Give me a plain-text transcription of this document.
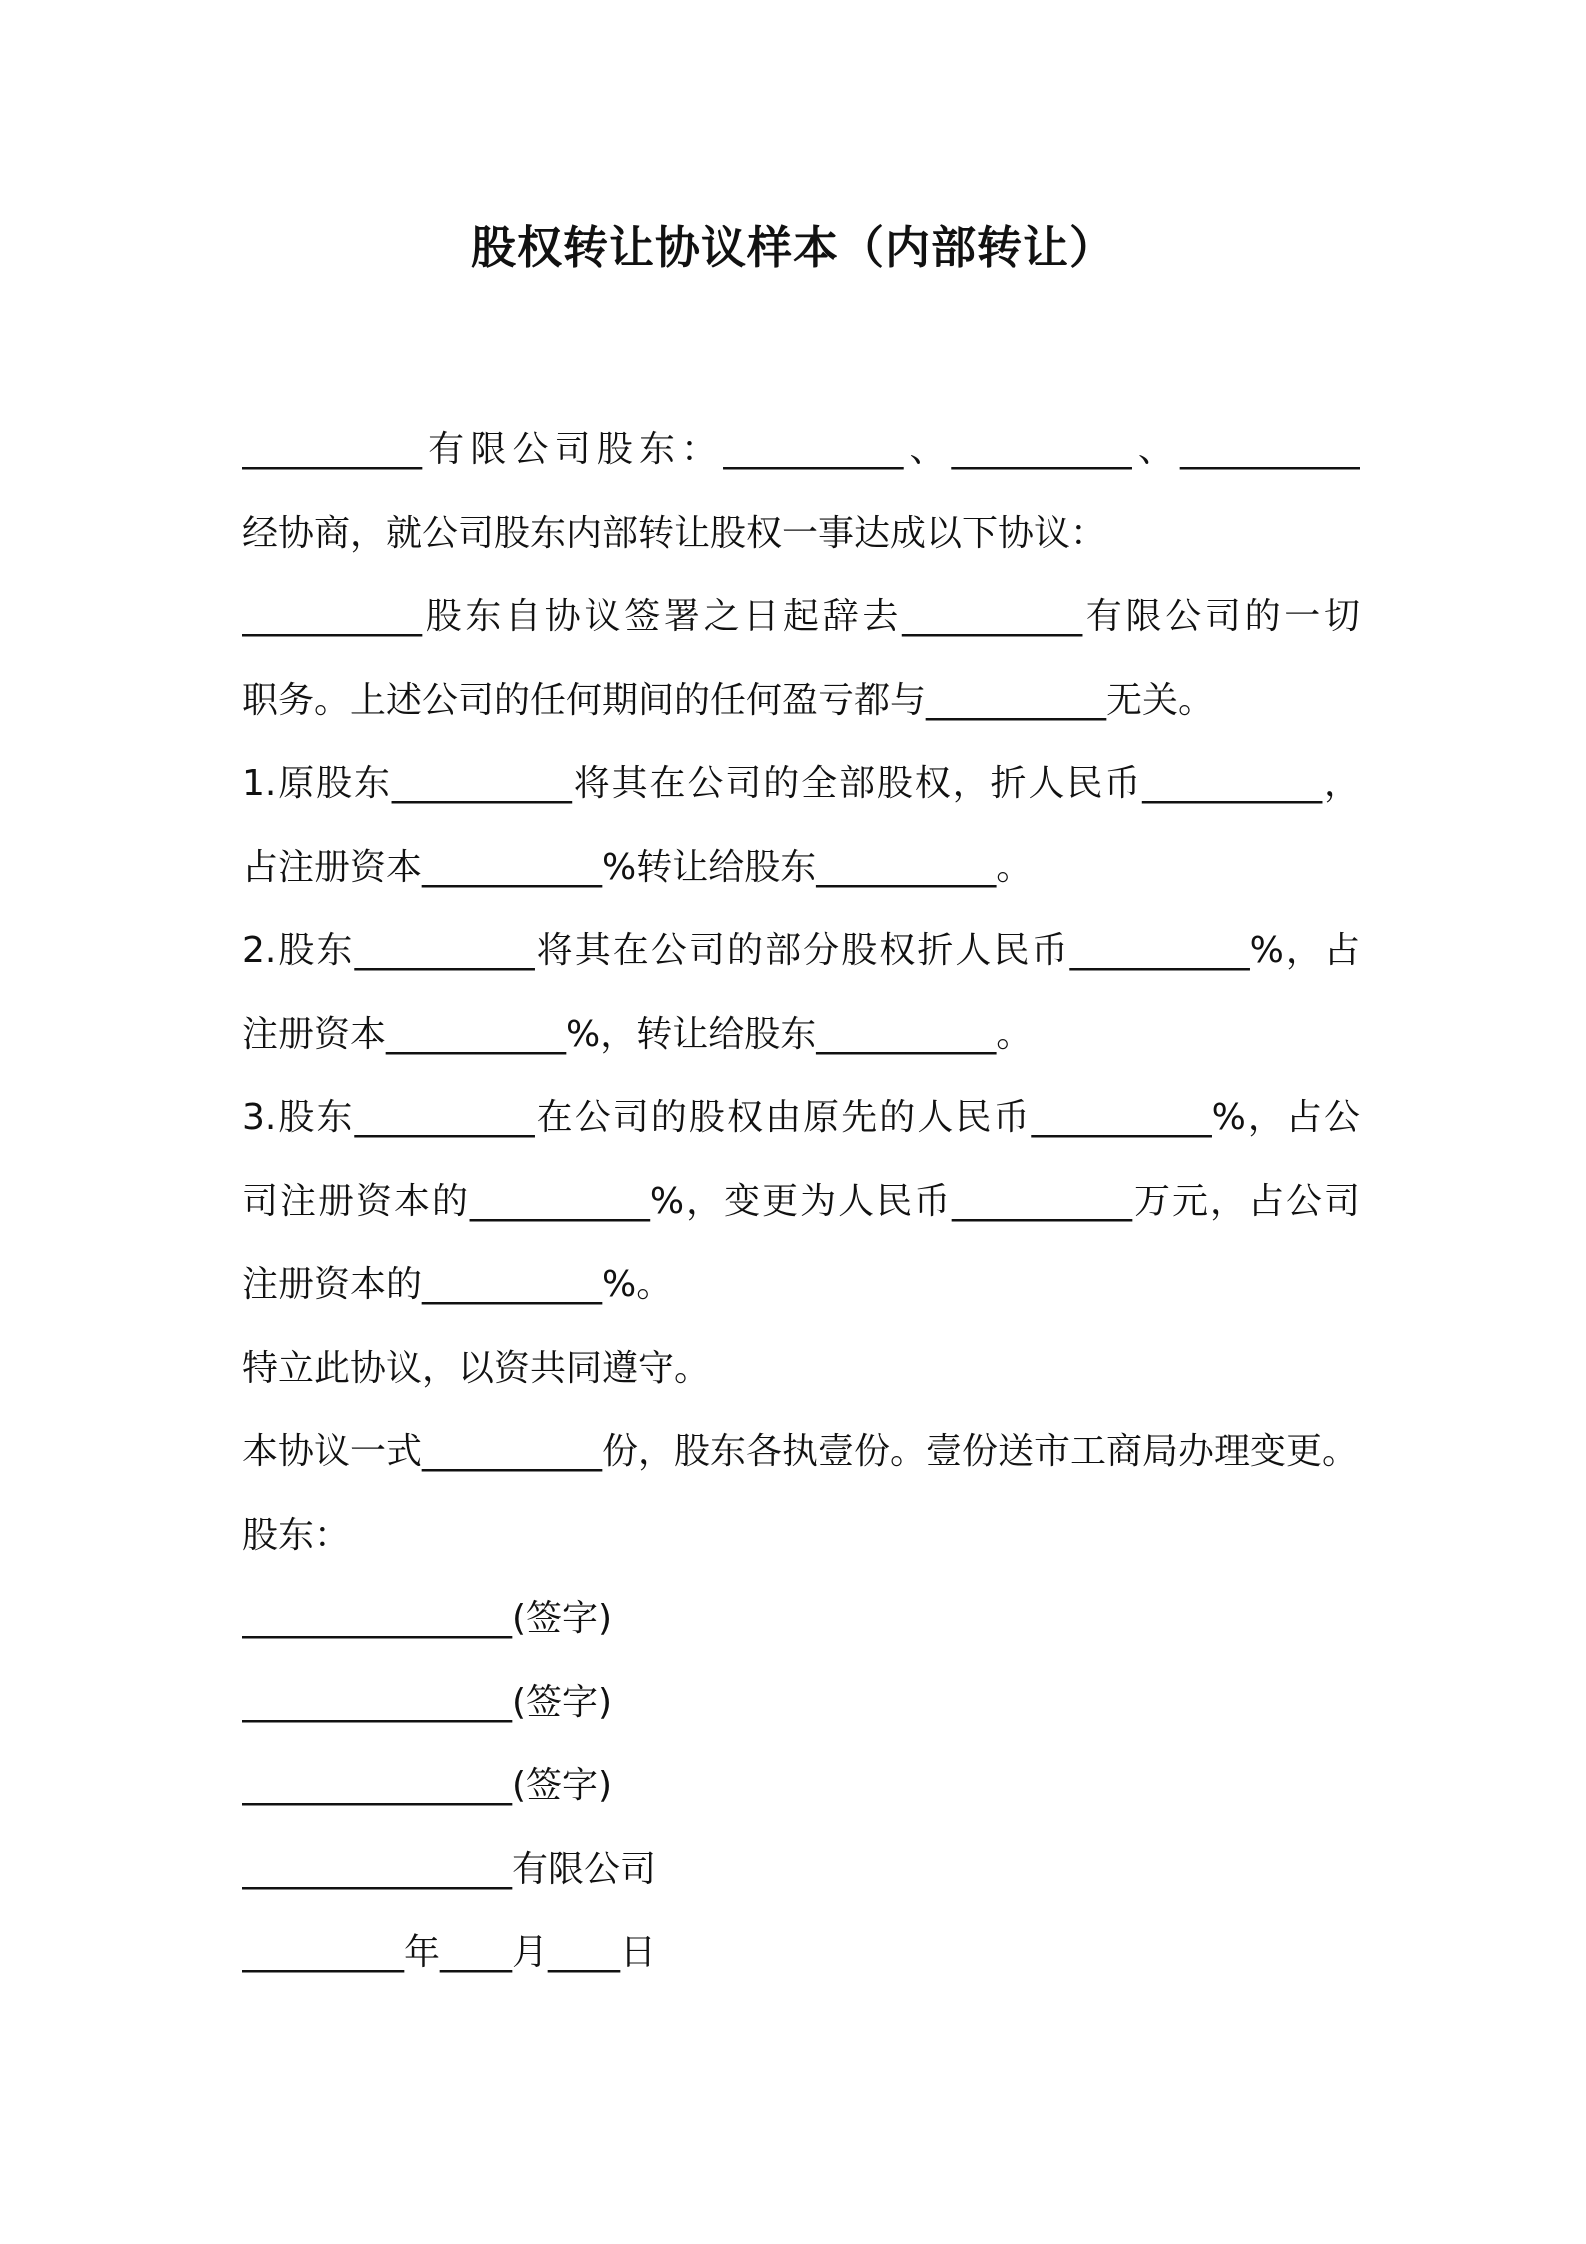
股权转让协议样本（内部转让）
__________有限公司股东：__________、__________、__________
经协商，就公司股东内部转让股权一事达成以下协议：
__________股东自协议签署之日起辞去__________有限公司的一切
职务。上述公司的任何期间的任何盈亏都与__________无关。
1.原股东__________将其在公司的全部股权，折人民币__________，
占注册资本__________%转让给股东__________。
2.股东__________将其在公司的部分股权折人民币__________%，占
注册资本__________%，转让给股东__________。
3.股东__________在公司的股权由原先的人民币__________%，占公
司注册资本的__________%，变更为人民币__________万元，占公司
注册资本的__________%。
特立此协议，以资共同遵守。
本协议一式__________份，股东各执壹份。壹份送市工商局办理变更。
股东：
_______________(签字)
_______________(签字)
_______________(签字)
_______________有限公司
_________年____月____日
